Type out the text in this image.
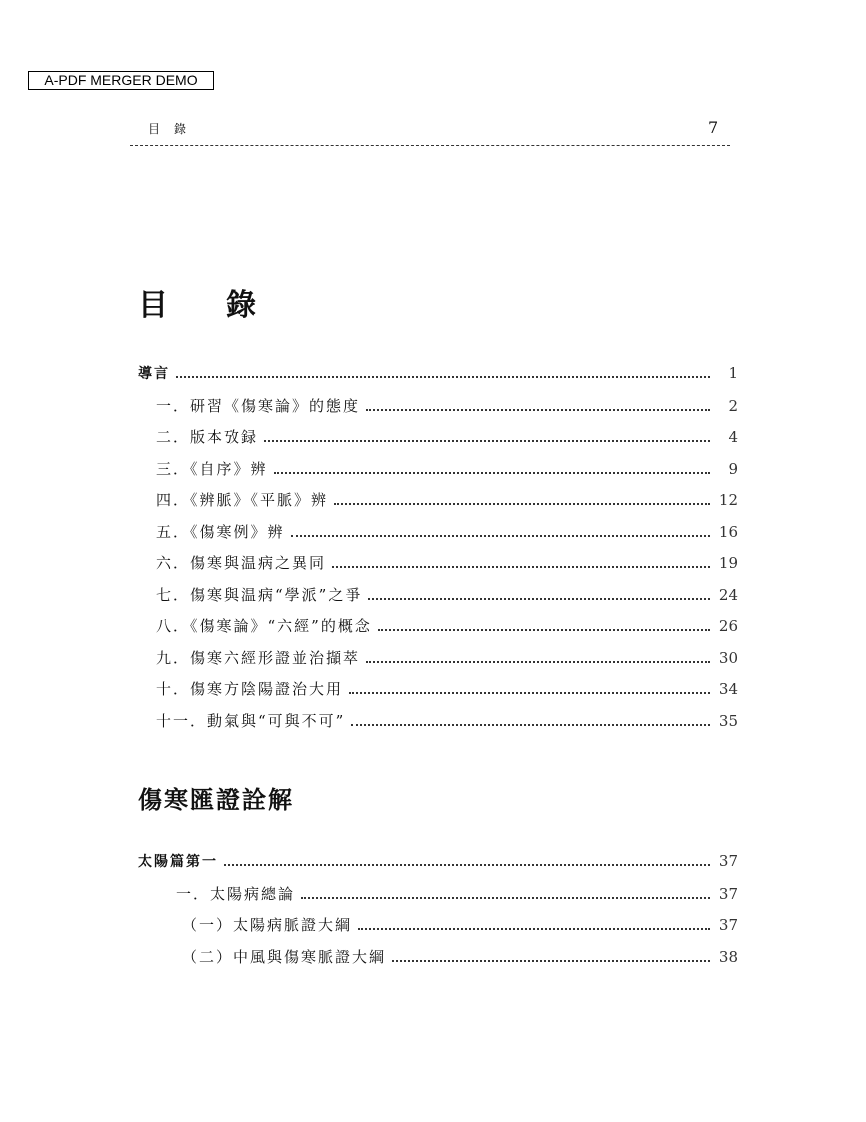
A-PDF MERGER DEMO
目錄	7
目錄
導言	1
一．研習《傷寒論》的態度	2
二．版本攷録	4
三．《自序》辨	9
四．《辨脈》《平脈》辨	12
五．《傷寒例》辨	16
六．傷寒與温病之異同	19
七．傷寒與温病“學派”之爭	24
八．《傷寒論》“六經”的概念	26
九．傷寒六經形證並治擷萃	30
十．傷寒方陰陽證治大用	34
十一．動氣與“可與不可”	35
傷寒匯證詮解
太陽篇第一	37
一．太陽病總論	37
（一）太陽病脈證大綱	37
（二）中風與傷寒脈證大綱	38
